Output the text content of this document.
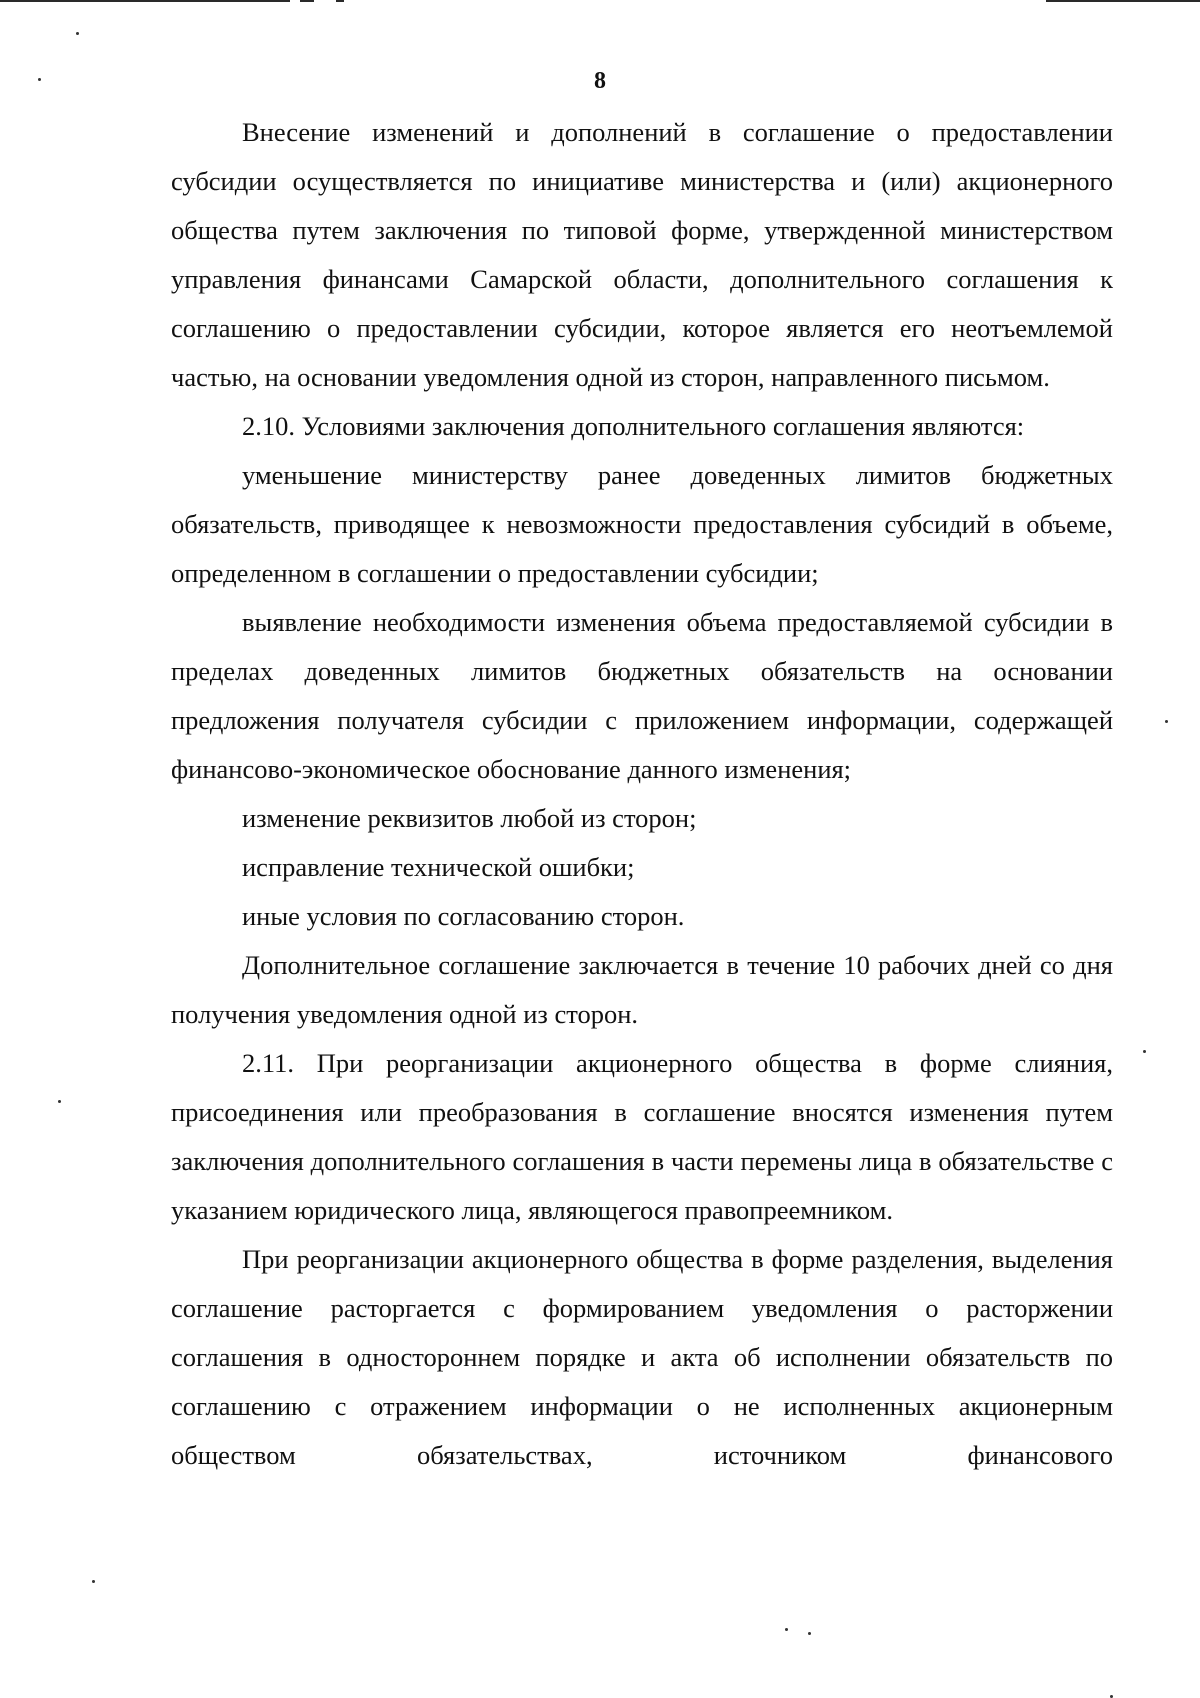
8

Внесение изменений и дополнений в соглашение о предоставлении субсидии осуществляется по инициативе министерства и (или) акционерного общества путем заключения по типовой форме, утвержденной министерством управления финансами Самарской области, дополнительного соглашения к соглашению о предоставлении субсидии, которое является его неотъемлемой частью, на основании уведомления одной из сторон, направленного письмом.

2.10. Условиями заключения дополнительного соглашения являются:

уменьшение министерству ранее доведенных лимитов бюджетных обязательств, приводящее к невозможности предоставления субсидий в объеме, определенном в соглашении о предоставлении субсидии;

выявление необходимости изменения объема предоставляемой субсидии в пределах доведенных лимитов бюджетных обязательств на основании предложения получателя субсидии с приложением информации, содержащей финансово-экономическое обоснование данного изменения;

изменение реквизитов любой из сторон;

исправление технической ошибки;

иные условия по согласованию сторон.

Дополнительное соглашение заключается в течение 10 рабочих дней со дня получения уведомления одной из сторон.

2.11. При реорганизации акционерного общества в форме слияния, присоединения или преобразования в соглашение вносятся изменения путем заключения дополнительного соглашения в части перемены лица в обязательстве с указанием юридического лица, являющегося правопреемником.

При реорганизации акционерного общества в форме разделения, выделения соглашение расторгается с формированием уведомления о расторжении соглашения в одностороннем порядке и акта об исполнении обязательств по соглашению с отражением информации о не исполненных акционерным обществом обязательствах, источником финансового
